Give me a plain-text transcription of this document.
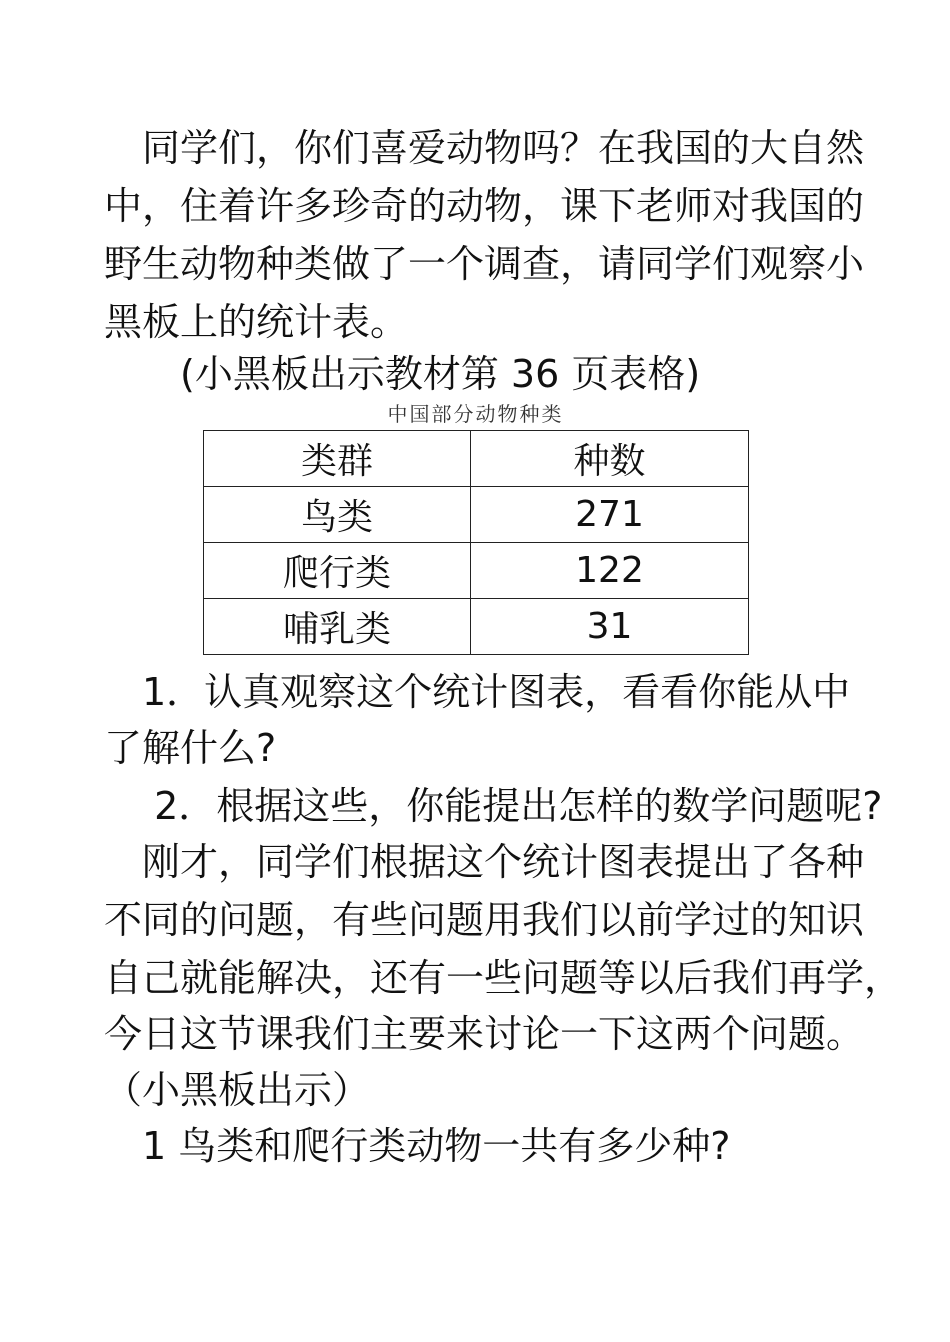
　同学们，你们喜爱动物吗？在我国的大自然
中，住着许多珍奇的动物，课下老师对我国的
野生动物种类做了一个调查，请同学们观察小
黑板上的统计表。
　　(小黑板出示教材第 36 页表格)
中国部分动物种类
类群	种数
鸟类	271
爬行类	122
哺乳类	31
　1．认真观察这个统计图表，看看你能从中
了解什么?
　 2．根据这些，你能提出怎样的数学问题呢?
　刚才，同学们根据这个统计图表提出了各种
不同的问题，有些问题用我们以前学过的知识
自己就能解决，还有一些问题等以后我们再学，
今日这节课我们主要来讨论一下这两个问题。
（小黑板出示）
　1 鸟类和爬行类动物一共有多少种?
